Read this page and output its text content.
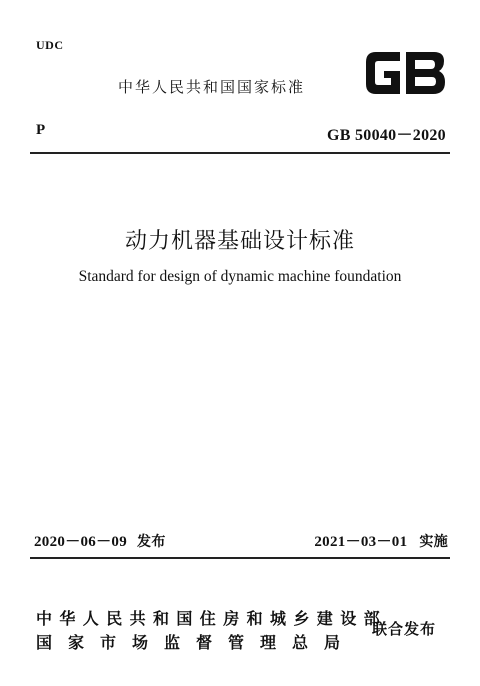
UDC
中华人民共和国国家标准
P	GB 50040－2020
动力机器基础设计标准
Standard for design of dynamic machine foundation
2020－06－09 发布	2021－03－01 实施
中华人民共和国住房和城乡建设部
国家市场监督管理总局
联合发布
